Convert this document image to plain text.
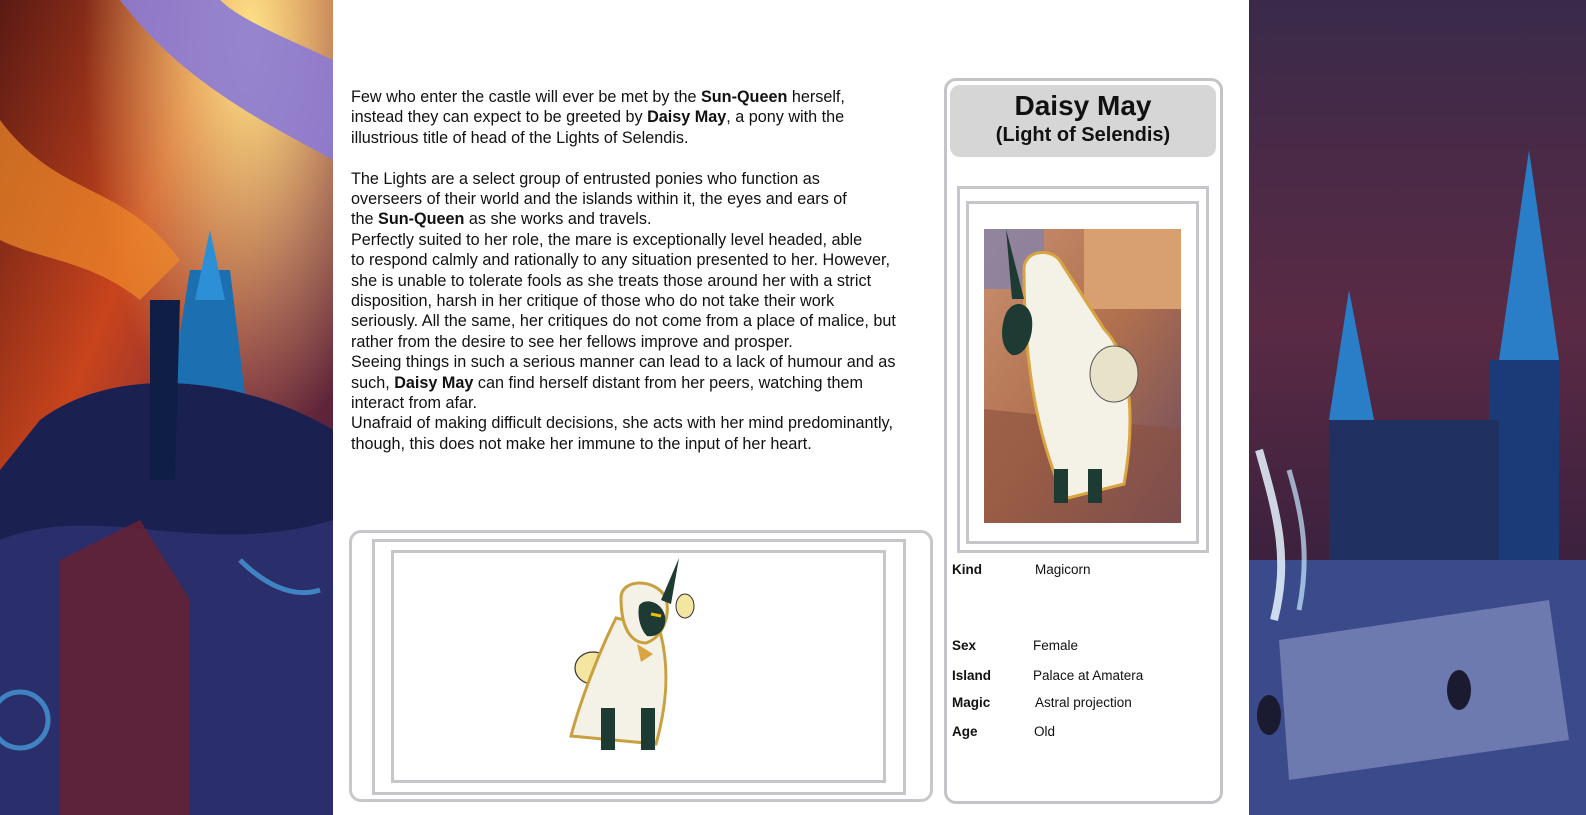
Few who enter the castle will ever be met by the Sun-Queen herself,
instead they can expect to be greeted by Daisy May, a pony with the
illustrious title of head of the Lights of Selendis.

The Lights are a select group of entrusted ponies who function as
overseers of their world and the islands within it, the eyes and ears of
the Sun-Queen as she works and travels.

Perfectly suited to her role, the mare is exceptionally level headed, able
to respond calmly and rationally to any situation presented to her. However,
she is unable to tolerate fools as she treats those around her with a strict
disposition, harsh in her critique of those who do not take their work
seriously. All the same, her critiques do not come from a place of malice, but
rather from the desire to see her fellows improve and prosper.

Seeing things in such a serious manner can lead to a lack of humour and as
such, Daisy May can find herself distant from her peers, watching them
interact from afar.

Unafraid of making difficult decisions, she acts with her mind predominantly,
though, this does not make her immune to the input of her heart.

Daisy May
(Light of Selendis)
Kind	Magicorn
Sex	Female
Island	Palace at Amatera
Magic	Astral projection
Age	Old
